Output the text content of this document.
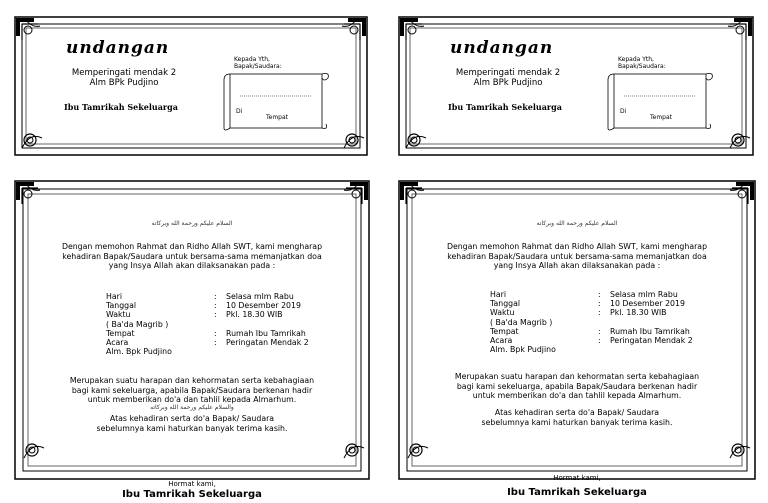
undangan
Memperingati mendak 2
Alm BPk Pudjino
Ibu Tamrikah Sekeluarga
Kepada Yth,
Bapak/Saudara:
Di
Tempat
undangan
Memperingati mendak 2
Alm BPk Pudjino
Ibu Tamrikah Sekeluarga
Kepada Yth,
Bapak/Saudara:
Di
Tempat
السلام عليكم ورحمة الله وبركاته
Dengan memohon Rahmat dan Ridho Allah SWT, kami mengharap
kehadiran Bapak/Saudara untuk bersama-sama memanjatkan doa
yang Insya Allah akan dilaksanakan pada :
Hari	:	Selasa mlm Rabu
Tanggal	:	10 Desember 2019
Waktu	:	Pkl. 18.30 WIB
( Ba'da Magrib )		
Tempat	:	Rumah Ibu Tamrikah
Acara	:	Peringatan Mendak 2
Alm. Bpk Pudjino		
Merupakan suatu harapan dan kehormatan serta kebahagiaan
bagi kami sekeluarga, apabila Bapak/Saudara berkenan hadir
untuk memberikan do'a dan tahlil kepada Almarhum.
والسلام عليكم ورحمة الله وبركاته
Atas kehadiran serta do'a Bapak/ Saudara
sebelumnya kami haturkan banyak terima kasih.
Hormat kami,
Ibu Tamrikah Sekeluarga
السلام عليكم ورحمة الله وبركاته
Dengan memohon Rahmat dan Ridho Allah SWT, kami mengharap
kehadiran Bapak/Saudara untuk bersama-sama memanjatkan doa
yang Insya Allah akan dilaksanakan pada :
Hari	:	Selasa mlm Rabu
Tanggal	:	10 Desember 2019
Waktu	:	Pkl. 18.30 WIB
( Ba'da Magrib )		
Tempat	:	Rumah Ibu Tamrikah
Acara	:	Peringatan Mendak 2
Alm. Bpk Pudjino		
Merupakan suatu harapan dan kehormatan serta kebahagiaan
bagi kami sekeluarga, apabila Bapak/Saudara berkenan hadir
untuk memberikan do'a dan tahlil kepada Almarhum.
Atas kehadiran serta do'a Bapak/ Saudara
sebelumnya kami haturkan banyak terima kasih.
Hormat kami,
Ibu Tamrikah Sekeluarga
